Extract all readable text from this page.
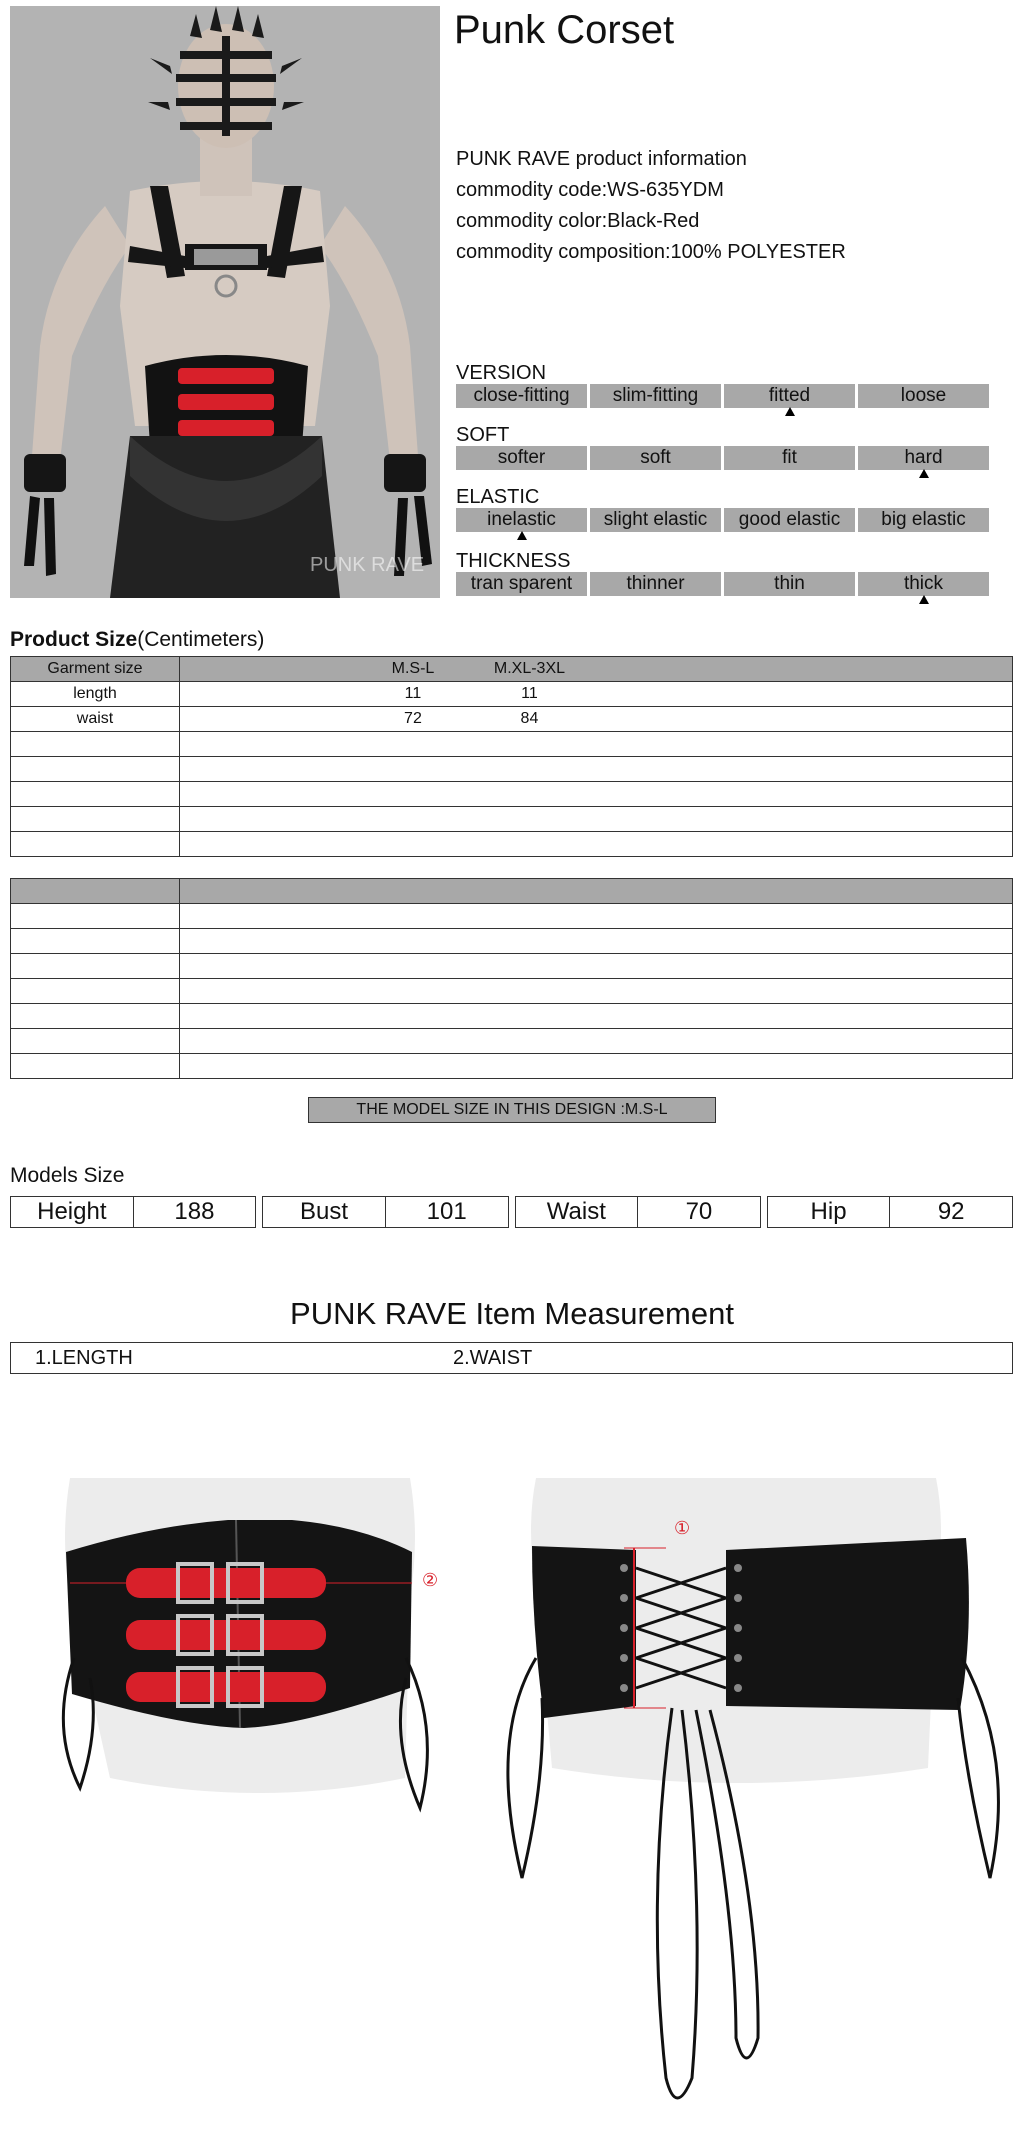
PUNK RAVE
Punk Corset
PUNK RAVE product information
commodity code:WS-635YDM
commodity color:Black-Red
commodity composition:100% POLYESTER
VERSION
close-fitting	slim-fitting	fitted	loose
SOFT
softer	soft	fit	hard
ELASTIC
inelastic	slight elastic	good elastic	big elastic
THICKNESS
tran sparent	thinner	thin	thick
Product Size(Centimeters)
Garment size	M.S-L M.XL-3XL

length	11 11

waist	72 84

THE MODEL SIZE IN THIS DESIGN :M.S-L
Models Size
Height	188	Bust	101	Waist	70	Hip	92
PUNK RAVE Item Measurement
1.LENGTH	2.WAIST
②
①
